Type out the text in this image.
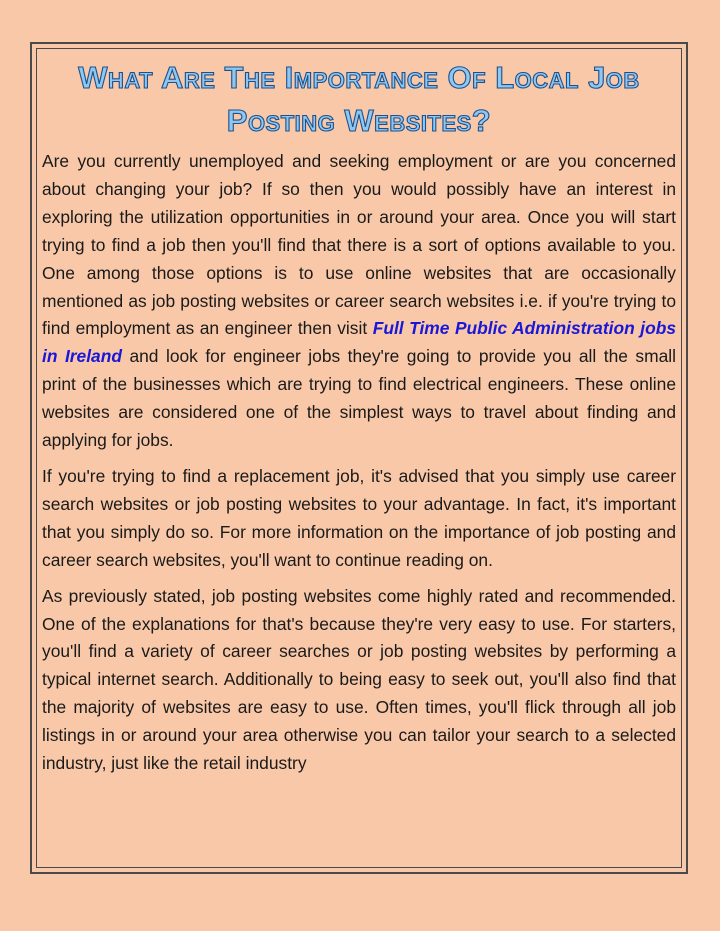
What Are The Importance Of Local Job Posting Websites?

Are you currently unemployed and seeking employment or are you concerned about changing your job? If so then you would possibly have an interest in exploring the utilization opportunities in or around your area. Once you will start trying to find a job then you'll find that there is a sort of options available to you. One among those options is to use online websites that are occasionally mentioned as job posting websites or career search websites i.e. if you're trying to find employment as an engineer then visit Full Time Public Administration jobs in Ireland and look for engineer jobs they're going to provide you all the small print of the businesses which are trying to find electrical engineers. These online websites are considered one of the simplest ways to travel about finding and applying for jobs.

If you're trying to find a replacement job, it's advised that you simply use career search websites or job posting websites to your advantage. In fact, it's important that you simply do so. For more information on the importance of job posting and career search websites, you'll want to continue reading on.

As previously stated, job posting websites come highly rated and recommended. One of the explanations for that's because they're very easy to use. For starters, you'll find a variety of career searches or job posting websites by performing a typical internet search. Additionally to being easy to seek out, you'll also find that the majority of websites are easy to use. Often times, you'll flick through all job listings in or around your area otherwise you can tailor your search to a selected industry, just like the retail industry
